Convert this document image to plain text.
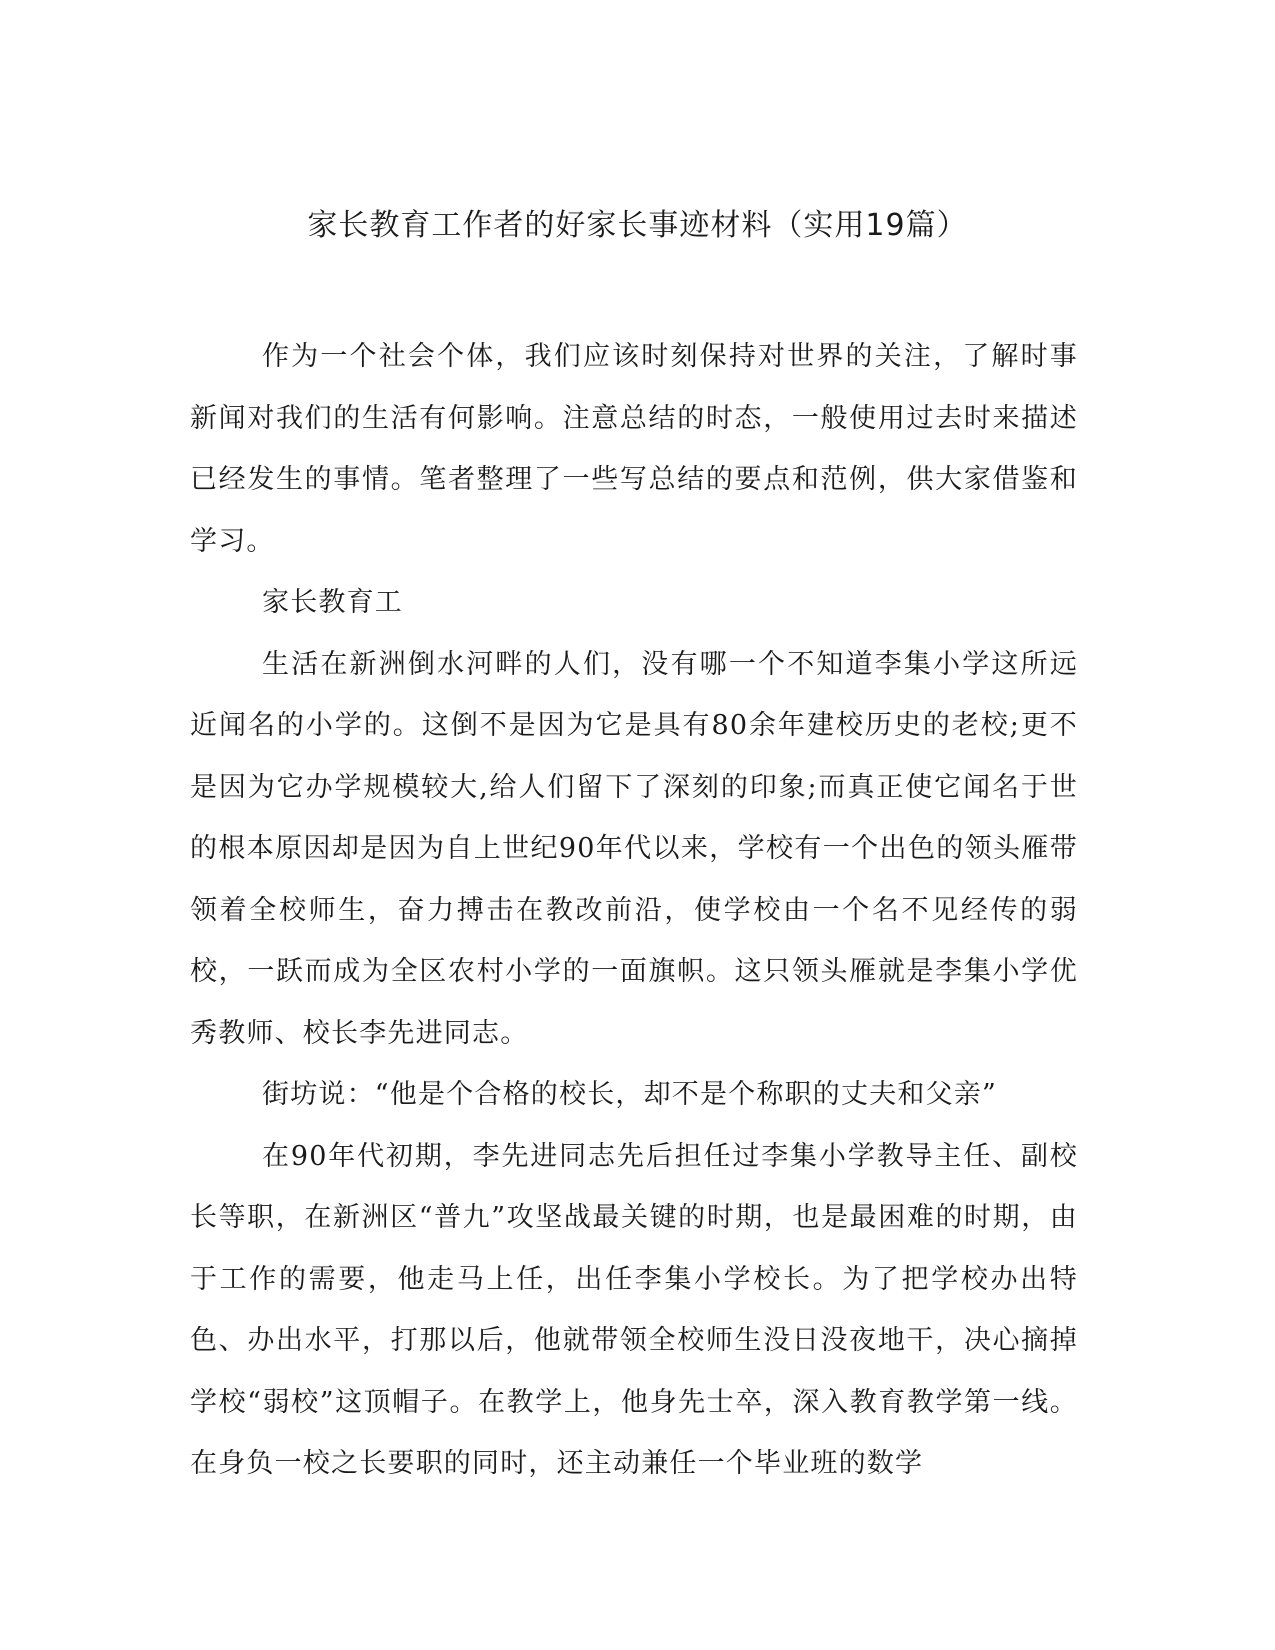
家长教育工作者的好家长事迹材料（实用19篇）

作为一个社会个体，我们应该时刻保持对世界的关注，了解时事新闻对我们的生活有何影响。注意总结的时态，一般使用过去时来描述已经发生的事情。笔者整理了一些写总结的要点和范例，供大家借鉴和学习。

家长教育工

生活在新洲倒水河畔的人们，没有哪一个不知道李集小学这所远近闻名的小学的。这倒不是因为它是具有80余年建校历史的老校;更不是因为它办学规模较大,给人们留下了深刻的印象;而真正使它闻名于世的根本原因却是因为自上世纪90年代以来，学校有一个出色的领头雁带领着全校师生，奋力搏击在教改前沿，使学校由一个名不见经传的弱校，一跃而成为全区农村小学的一面旗帜。这只领头雁就是李集小学优秀教师、校长李先进同志。

街坊说：“他是个合格的校长，却不是个称职的丈夫和父亲”

在90年代初期，李先进同志先后担任过李集小学教导主任、副校长等职，在新洲区“普九”攻坚战最关键的时期，也是最困难的时期，由于工作的需要，他走马上任，出任李集小学校长。为了把学校办出特色、办出水平，打那以后，他就带领全校师生没日没夜地干，决心摘掉学校“弱校”这顶帽子。在教学上，他身先士卒，深入教育教学第一线。在身负一校之长要职的同时，还主动兼任一个毕业班的数学
